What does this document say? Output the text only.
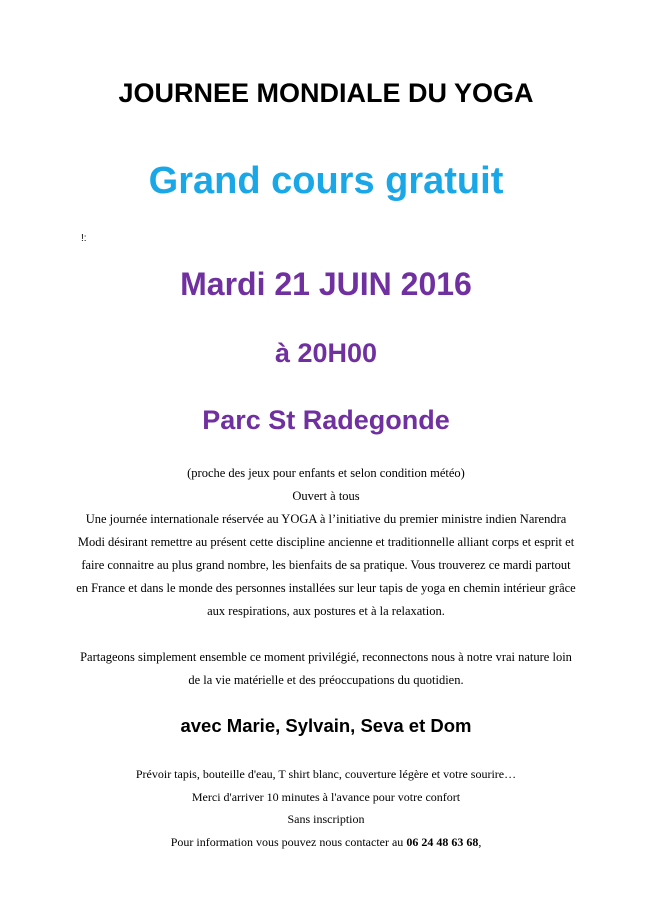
JOURNEE MONDIALE DU YOGA
Grand cours gratuit
!:
Mardi 21 JUIN 2016
à 20H00
Parc St Radegonde

(proche des jeux pour enfants et selon condition météo)

Ouvert à tous

Une journée internationale réservée au YOGA à l’initiative du premier ministre indien Narendra

Modi désirant remettre au présent cette discipline ancienne et traditionnelle alliant corps et esprit et

faire connaitre au plus grand nombre, les bienfaits de sa pratique. Vous trouverez ce mardi partout

en France et dans le monde des personnes installées sur leur tapis de yoga en chemin intérieur grâce

aux respirations, aux postures et à la relaxation.

Partageons simplement ensemble ce moment privilégié, reconnectons nous à notre vrai nature loin

de la vie matérielle et des préoccupations du quotidien.

avec Marie, Sylvain, Seva et Dom

Prévoir tapis, bouteille d'eau, T shirt blanc, couverture légère et votre sourire…

Merci d'arriver 10 minutes à l'avance pour votre confort

Sans inscription

Pour information vous pouvez nous contacter au 06 24 48 63 68,
